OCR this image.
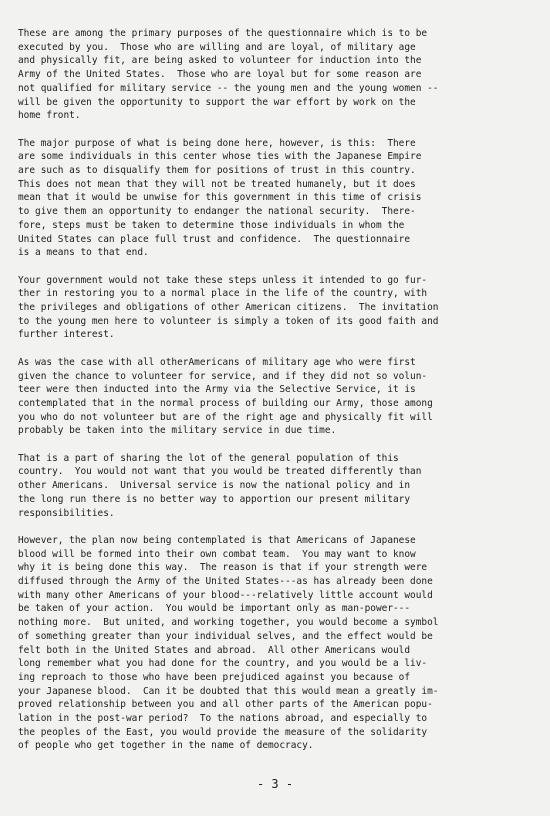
These are among the primary purposes of the questionnaire which is to be
executed by you.  Those who are willing and are loyal, of military age
and physically fit, are being asked to volunteer for induction into the
Army of the United States.  Those who are loyal but for some reason are
not qualified for military service -- the young men and the young women --
will be given the opportunity to support the war effort by work on the
home front.

The major purpose of what is being done here, however, is this:  There
are some individuals in this center whose ties with the Japanese Empire
are such as to disqualify them for positions of trust in this country.
This does not mean that they will not be treated humanely, but it does
mean that it would be unwise for this government in this time of crisis
to give them an opportunity to endanger the national security.  There-
fore, steps must be taken to determine those individuals in whom the
United States can place full trust and confidence.  The questionnaire
is a means to that end.

Your government would not take these steps unless it intended to go fur-
ther in restoring you to a normal place in the life of the country, with
the privileges and obligations of other American citizens.  The invitation
to the young men here to volunteer is simply a token of its good faith and
further interest.

As was the case with all otherAmericans of military age who were first
given the chance to volunteer for service, and if they did not so volun-
teer were then inducted into the Army via the Selective Service, it is
contemplated that in the normal process of building our Army, those among
you who do not volunteer but are of the right age and physically fit will
probably be taken into the military service in due time.

That is a part of sharing the lot of the general population of this
country.  You would not want that you would be treated differently than
other Americans.  Universal service is now the national policy and in
the long run there is no better way to apportion our present military
responsibilities.

However, the plan now being contemplated is that Americans of Japanese
blood will be formed into their own combat team.  You may want to know
why it is being done this way.  The reason is that if your strength were
diffused through the Army of the United States---as has already been done
with many other Americans of your blood---relatively little account would
be taken of your action.  You would be important only as man-power---
nothing more.  But united, and working together, you would become a symbol
of something greater than your individual selves, and the effect would be
felt both in the United States and abroad.  All other Americans would
long remember what you had done for the country, and you would be a liv-
ing reproach to those who have been prejudiced against you because of
your Japanese blood.  Can it be doubted that this would mean a greatly im-
proved relationship between you and all other parts of the American popu-
lation in the post-war period?  To the nations abroad, and especially to
the peoples of the East, you would provide the measure of the solidarity
of people who get together in the name of democracy.

- 3 -
